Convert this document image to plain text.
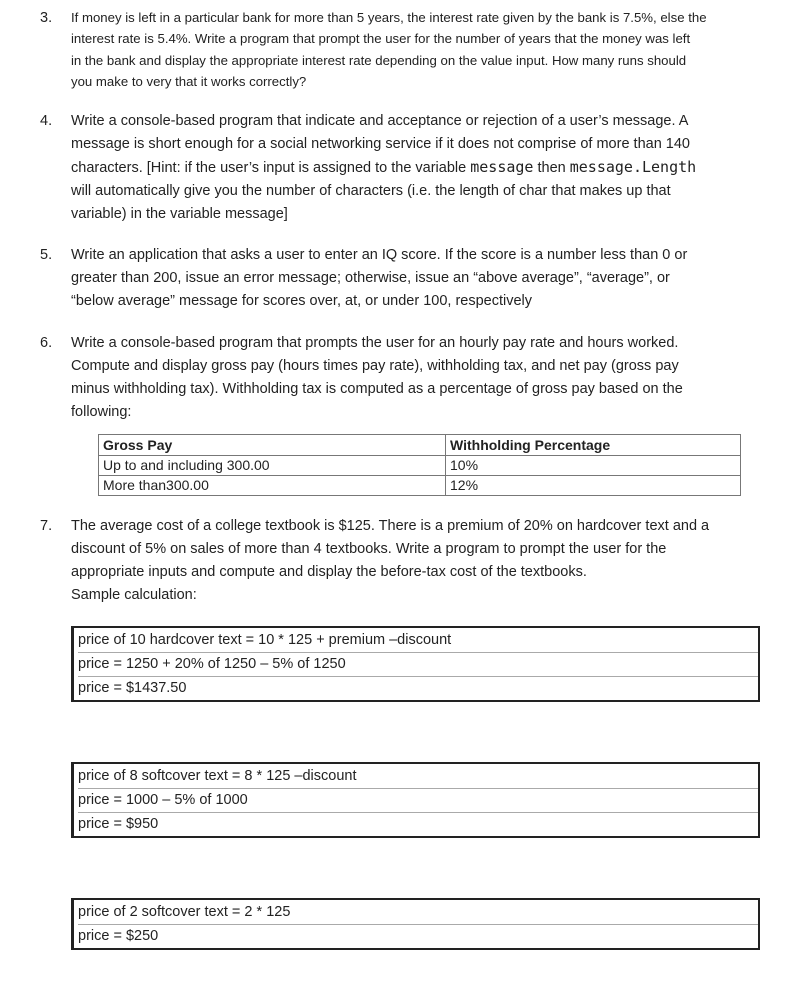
3. If money is left in a particular bank for more than 5 years, the interest rate given by the bank is 7.5%, else the

interest rate is 5.4%. Write a program that prompt the user for the number of years that the money was left

in the bank and display the appropriate interest rate depending on the value input. How many runs should

you make to very that it works correctly?

4. Write a console-based program that indicate and acceptance or rejection of a user’s message. A

message is short enough for a social networking service if it does not comprise of more than 140

characters. [Hint: if the user’s input is assigned to the variable message then message.Length

will automatically give you the number of characters (i.e. the length of char that makes up that

variable) in the variable message]

5. Write an application that asks a user to enter an IQ score. If the score is a number less than 0 or

greater than 200, issue an error message; otherwise, issue an “above average”, “average”, or

“below average” message for scores over, at, or under 100, respectively

6. Write a console-based program that prompts the user for an hourly pay rate and hours worked.

Compute and display gross pay (hours times pay rate), withholding tax, and net pay (gross pay

minus withholding tax). Withholding tax is computed as a percentage of gross pay based on the

following:

Gross Pay	Withholding Percentage
Up to and including 300.00	10%
More than300.00	12%
7. The average cost of a college textbook is $125. There is a premium of 20% on hardcover text and a

discount of 5% on sales of more than 4 textbooks. Write a program to prompt the user for the

appropriate inputs and compute and display the before-tax cost of the textbooks.

Sample calculation:

price of 10 hardcover text = 10 * 125 + premium –discount
price = 1250 + 20% of 1250 – 5% of 1250
price = $1437.50
price of 8 softcover text = 8 * 125 –discount
price = 1000 – 5% of 1000
price = $950
price of 2 softcover text = 2 * 125
price = $250
